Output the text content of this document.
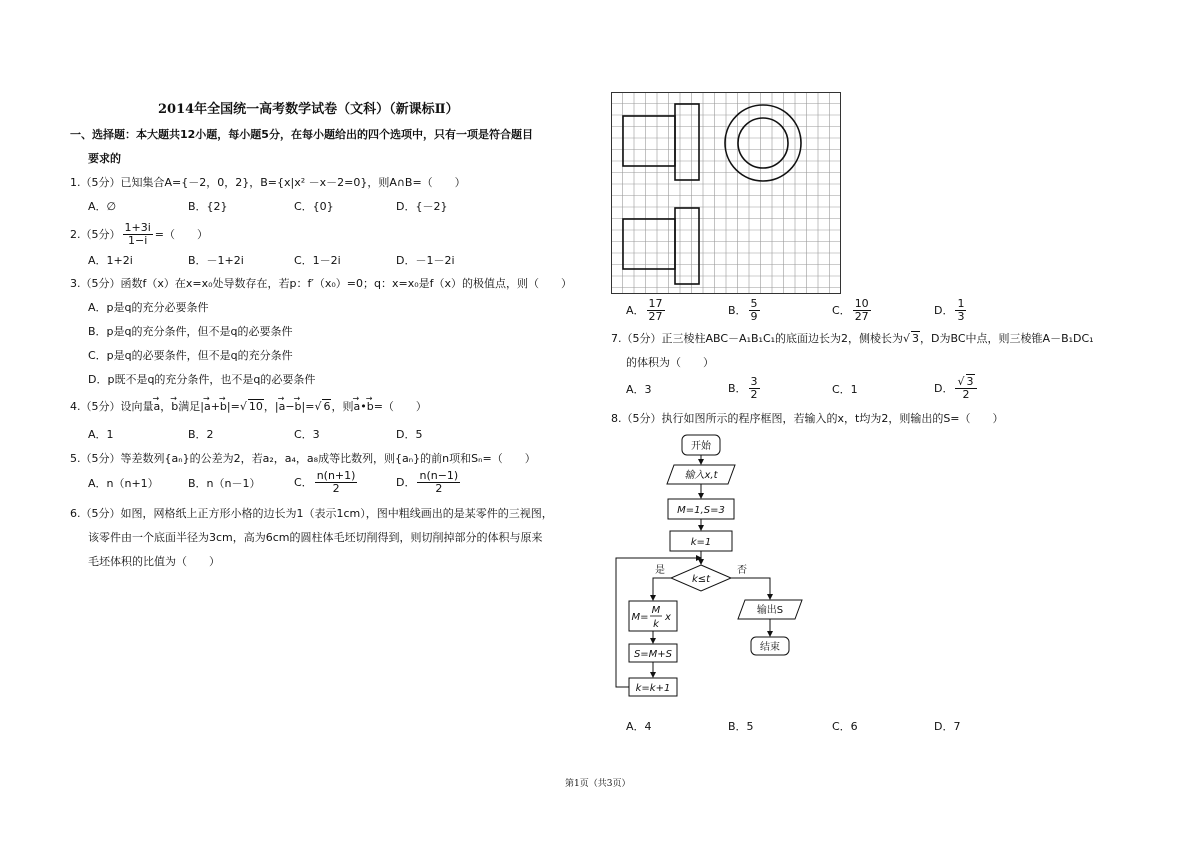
2014年全国统一高考数学试卷（文科）（新课标Ⅱ）
一、选择题：本大题共12小题，每小题5分，在每小题给出的四个选项中，只有一项是符合题目
要求的
1.（5分）已知集合A={－2，0，2}，B={x|x² －x－2=0}，则A∩B=（　　）
A．∅	B．{2}	C．{0}	D．{－2}
2.（5分） $\frac{1+3i}{1-i}$ =（　　）
A．1+2i	B．－1+2i	C．1－2i	D．－1－2i
3.（5分）函数f（x）在x=x₀处导数存在，若p：f′（x₀）=0；q：x=x₀是f（x）的极值点，则（　　）
A．p是q的充分必要条件
B．p是q的充分条件，但不是q的必要条件
C．p是q的必要条件，但不是q的充分条件
D．p既不是q的充分条件，也不是q的必要条件
4.（5分）设向量→ a，→ b满足|→ a+→ b|=√ 10，|→ a−→ b|=√ 6，则→ a•→ b=（　　）
A．1	B．2	C．3	D．5
5.（5分）等差数列{aₙ}的公差为2，若a₂，a₄，a₈成等比数列，则{aₙ}的前n项和Sₙ=（　　）
A．n（n+1）	B．n（n－1）	C． $\frac{n(n+1)}{2}$	D． $\frac{n(n-1)}{2}$
6.（5分）如图，网格纸上正方形小格的边长为1（表示1cm），图中粗线画出的是某零件的三视图，
该零件由一个底面半径为3cm，高为6cm的圆柱体毛坯切削得到，则切削掉部分的体积与原来
毛坯体积的比值为（　　）
A． $\frac{17}{27}$	B． $\frac{5}{9}$	C． $\frac{10}{27}$	D． $\frac{1}{3}$
7.（5分）正三棱柱ABC－A₁B₁C₁的底面边长为2，侧棱长为√ 3，D为BC中点，则三棱锥A－B₁DC₁
的体积为（　　）
A．3	B． $\frac{3}{2}$	C．1	D． $\frac{√ 3}{2}$
8.（5分）执行如图所示的程序框图，若输入的x，t均为2，则输出的S=（　　）
开始
输入x,t
M=1,S=3
k=1
k≤t
是	否
M=
M
k
x
S=M+S
k=k+1
输出S
结束
A．4	B．5	C．6	D．7
第1页（共3页）
